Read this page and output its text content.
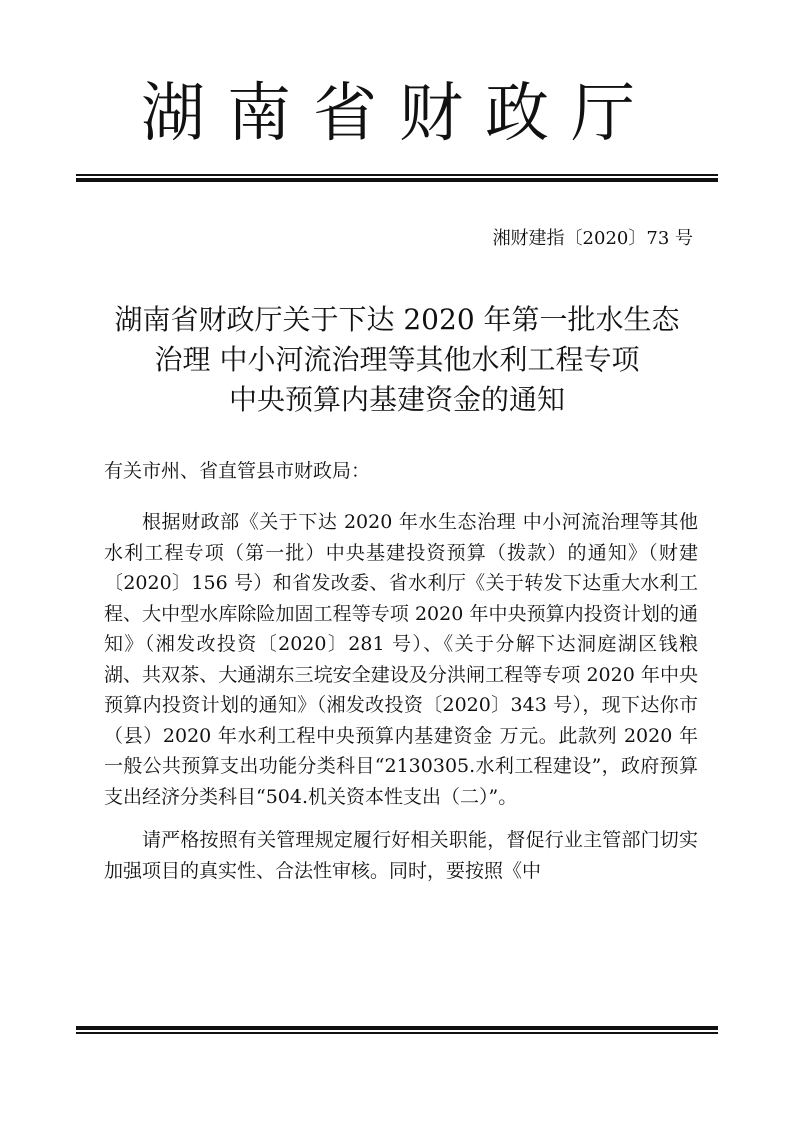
湖南省财政厅
湘财建指〔2020〕73 号
湖南省财政厅关于下达 2020 年第一批水生态
治理 中小河流治理等其他水利工程专项
中央预算内基建资金的通知
有关市州、省直管县市财政局：

根据财政部《关于下达 2020 年水生态治理 中小河流治理等其他水利工程专项（第一批）中央基建投资预算（拨款）的通知》（财建〔2020〕156 号）和省发改委、省水利厅《关于转发下达重大水利工程、大中型水库除险加固工程等专项 2020 年中央预算内投资计划的通知》（湘发改投资〔2020〕281 号）、《关于分解下达洞庭湖区钱粮湖、共双茶、大通湖东三垸安全建设及分洪闸工程等专项 2020 年中央预算内投资计划的通知》（湘发改投资〔2020〕343 号），现下达你市（县）2020 年水利工程中央预算内基建资金 万元。此款列 2020 年一般公共预算支出功能分类科目“2130305.水利工程建设”，政府预算支出经济分类科目“504.机关资本性支出（二）”。

请严格按照有关管理规定履行好相关职能，督促行业主管部门切实加强项目的真实性、合法性审核。同时，要按照《中
